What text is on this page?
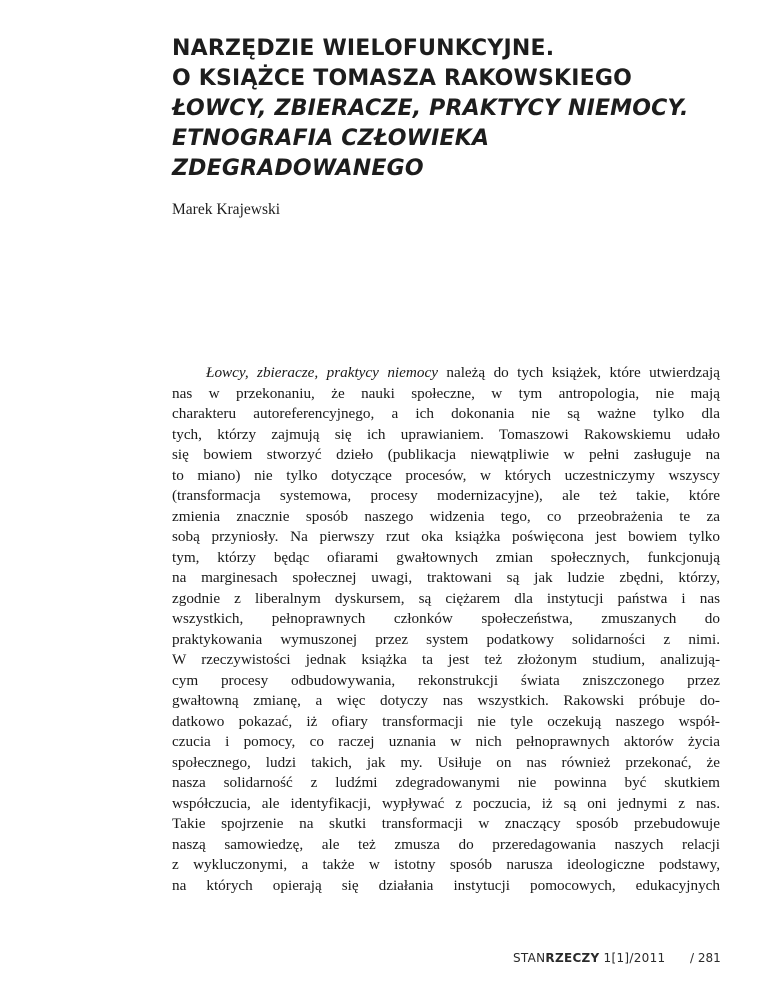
NARZĘDZIE WIELOFUNKCYJNE.
O KSIĄŻCE TOMASZA RAKOWSKIEGO
ŁOWCY, ZBIERACZE, PRAKTYCY NIEMOCY.
ETNOGRAFIA CZŁOWIEKA
ZDEGRADOWANEGO
Marek Krajewski
Łowcy, zbieracze, praktycy niemocy należą do tych książek, które utwierdzają
nas w przekonaniu, że nauki społeczne, w tym antropologia, nie mają
charakteru autoreferencyjnego, a ich dokonania nie są ważne tylko dla
tych, którzy zajmują się ich uprawianiem. Tomaszowi Rakowskiemu udało
się bowiem stworzyć dzieło (publikacja niewątpliwie w pełni zasługuje na
to miano) nie tylko dotyczące procesów, w których uczestniczymy wszyscy
(transformacja systemowa, procesy modernizacyjne), ale też takie, które
zmienia znacznie sposób naszego widzenia tego, co przeobrażenia te za
sobą przyniosły. Na pierwszy rzut oka książka poświęcona jest bowiem tylko
tym, którzy będąc ofiarami gwałtownych zmian społecznych, funkcjonują
na marginesach społecznej uwagi, traktowani są jak ludzie zbędni, którzy,
zgodnie z liberalnym dyskursem, są ciężarem dla instytucji państwa i nas
wszystkich, pełnoprawnych członków społeczeństwa, zmuszanych do
praktykowania wymuszonej przez system podatkowy solidarności z nimi.
W rzeczywistości jednak książka ta jest też złożonym studium, analizują-
cym procesy odbudowywania, rekonstrukcji świata zniszczonego przez
gwałtowną zmianę, a więc dotyczy nas wszystkich. Rakowski próbuje do-
datkowo pokazać, iż ofiary transformacji nie tyle oczekują naszego współ-
czucia i pomocy, co raczej uznania w nich pełnoprawnych aktorów życia
społecznego, ludzi takich, jak my. Usiłuje on nas również przekonać, że
nasza solidarność z ludźmi zdegradowanymi nie powinna być skutkiem
współczucia, ale identyfikacji, wypływać z poczucia, iż są oni jednymi z nas.
Takie spojrzenie na skutki transformacji w znaczący sposób przebudowuje
naszą samowiedzę, ale też zmusza do przeredagowania naszych relacji
z wykluczonymi, a także w istotny sposób narusza ideologiczne podstawy,
na których opierają się działania instytucji pomocowych, edukacyjnych
STANRZECZY 1[1]/2011 / 281
